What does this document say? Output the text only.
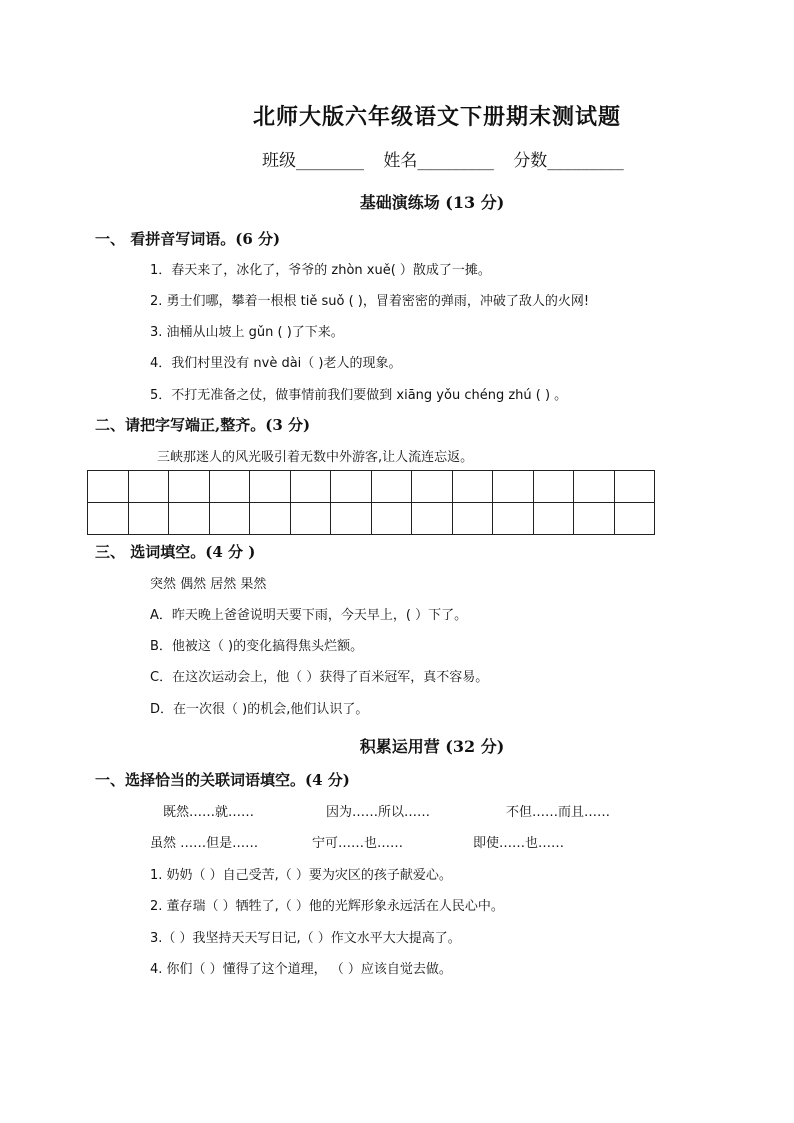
北师大版六年级语文下册期末测试题
班级________ 姓名_________ 分数_________
基础演练场 (13 分)
一、 看拼音写词语。(6 分)
1．春天来了，冰化了，爷爷的 zhòn xuě( ）散成了一摊。
2. 勇士们哪，攀着一根根 tiě suǒ ( )，冒着密密的弹雨，冲破了敌人的火网!
3. 油桶从山坡上 gǔn ( )了下来。
4．我们村里没有 nvè dài（ )老人的现象。
5．不打无准备之仗，做事情前我们要做到 xiāng yǒu chéng zhú ( ) 。
二、请把字写端正,整齐。(3 分)
三峡那迷人的风光吸引着无数中外游客,让人流连忘返。

三、 选词填空。(4 分 )
突然 偶然 居然 果然
A．昨天晚上爸爸说明天要下雨，今天早上，( ）下了。
B．他被这（ )的变化搞得焦头烂额。
C．在这次运动会上，他（ ）获得了百米冠军，真不容易。
D．在一次很（ )的机会,他们认识了。
积累运用营 (32 分)
一、选择恰当的关联词语填空。(4 分)
既然……就……	因为……所以……	不但……而且……
虽然 ……但是……	宁可……也……	即使……也……
1. 奶奶（ ）自己受苦,（ ）要为灾区的孩子献爱心。
2. 董存瑞（ ）牺牲了,（ ）他的光辉形象永远活在人民心中。
3.（ ）我坚持天天写日记,（ ）作文水平大大提高了。
4. 你们（ ）懂得了这个道理， （ ）应该自觉去做。
